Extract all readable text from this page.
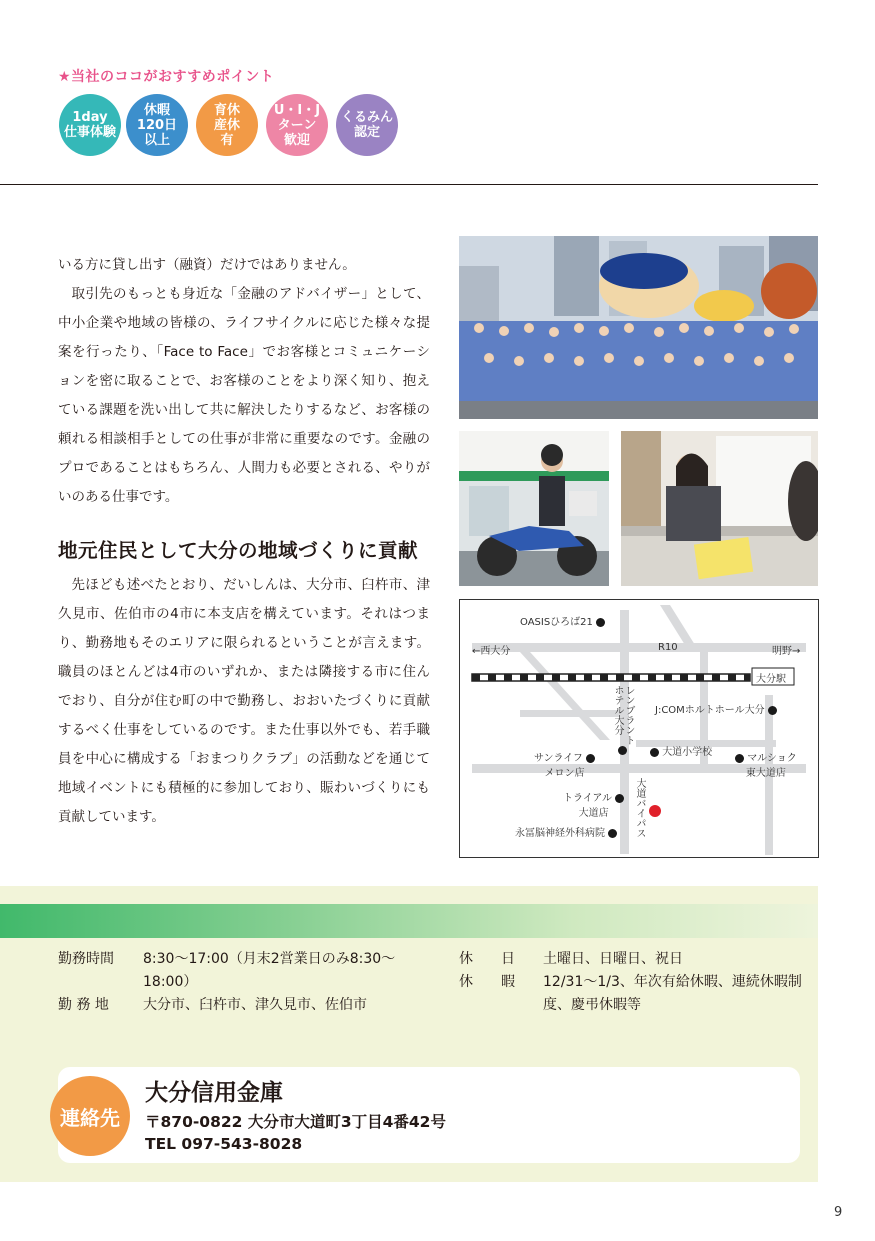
★当社のココがおすすめポイント
1day
仕事体験
休暇
120日
以上
育休
産休
有
U・I・J
ターン
歓迎
くるみん
認定

いる方に貸し出す（融資）だけではありません。

取引先のもっとも身近な「金融のアドバイザー」として、中小企業や地域の皆様の、ライフサイクルに応じた様々な提案を行ったり、「Face to Face」でお客様とコミュニケーションを密に取ることで、お客様のことをより深く知り、抱えている課題を洗い出して共に解決したりするなど、お客様の頼れる相談相手としての仕事が非常に重要なのです。金融のプロであることはもちろん、人間力も必要とされる、やりがいのある仕事です。

地元住民として大分の地域づくりに貢献

先ほども述べたとおり、だいしんは、大分市、臼杵市、津久見市、佐伯市の4市に本支店を構えています。それはつまり、勤務地もそのエリアに限られるということが言えます。職員のほとんどは4市のいずれか、または隣接する市に住んでおり、自分が住む町の中で勤務し、おおいたづくりに貢献するべく仕事をしているのです。また仕事以外でも、若手職員を中心に構成する「おまつりクラブ」の活動などを通じて地域イベントにも積極的に参加しており、賑わいづくりにも貢献しています。

OASISひろば21
←西大分	R10	明野→
大分駅
レンブラントホテル大分	J:COMホルトホール大分
サンライフ
メロン店
大道小学校
マルショク
東大道店
トライアル
大道店	大道バイパス
永冨脳神経外科病院
勤務時間	8:30〜17:00（月末2営業日のみ8:30〜18:00）
勤 務 地	大分市、臼杵市、津久見市、佐伯市
休　　日	土曜日、日曜日、祝日
休　　暇	12/31〜1/3、年次有給休暇、連続休暇制度、慶弔休暇等
連絡先
大分信用金庫
〒870-0822 大分市大道町3丁目4番42号
TEL 097-543-8028
9
